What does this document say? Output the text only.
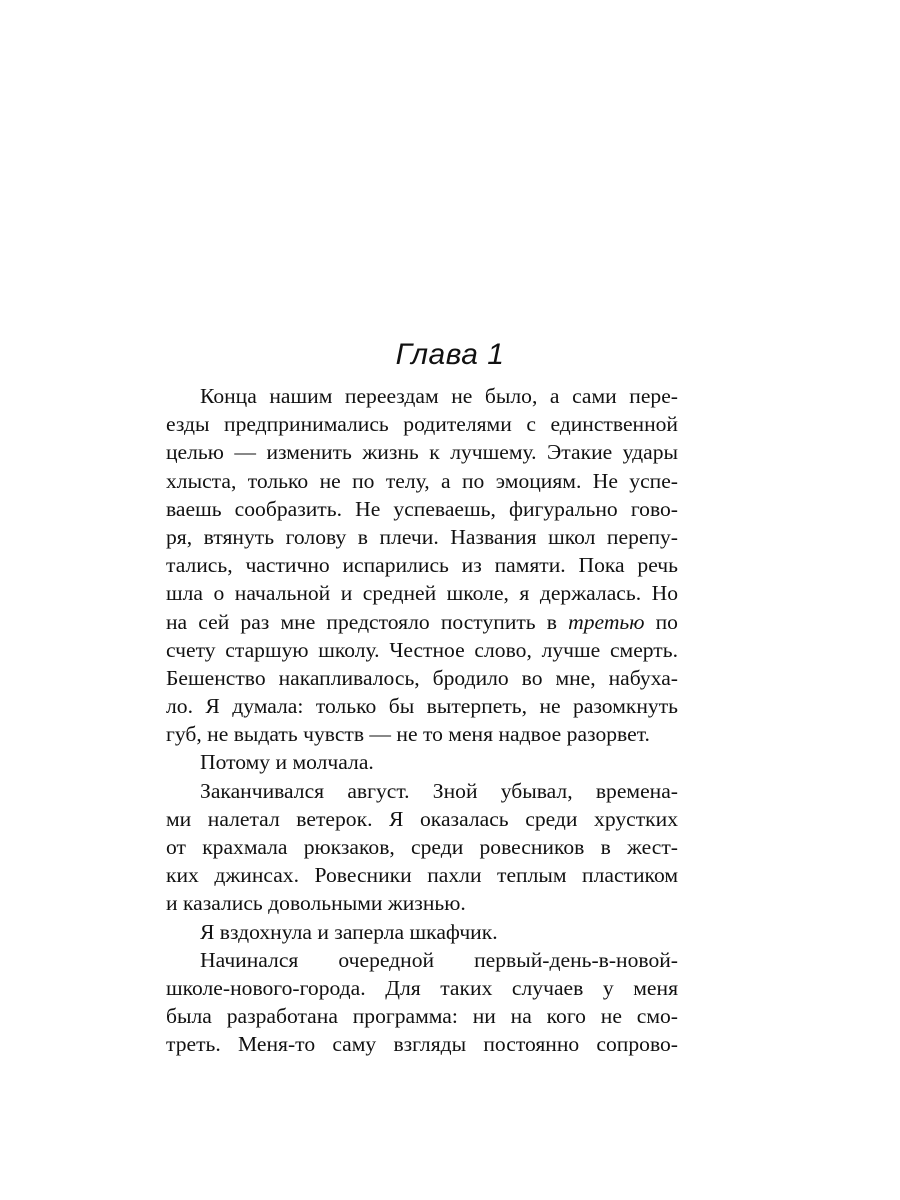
Глава 1
Конца нашим переездам не было, а сами пере-
езды предпринимались родителями с единственной
целью — изменить жизнь к лучшему. Этакие удары
хлыста, только не по телу, а по эмоциям. Не успе-
ваешь сообразить. Не успеваешь, фигурально гово-
ря, втянуть голову в плечи. Названия школ перепу-
тались, частично испарились из памяти. Пока речь
шла о начальной и средней школе, я держалась. Но
на сей раз мне предстояло поступить в третью по
счету старшую школу. Честное слово, лучше смерть.
Бешенство накапливалось, бродило во мне, набуха-
ло. Я думала: только бы вытерпеть, не разомкнуть
губ, не выдать чувств — не то меня надвое разорвет.
Потому и молчала.
Заканчивался август. Зной убывал, времена-
ми налетал ветерок. Я оказалась среди хрустких
от крахмала рюкзаков, среди ровесников в жест-
ких джинсах. Ровесники пахли теплым пластиком
и казались довольными жизнью.
Я вздохнула и заперла шкафчик.
Начинался очередной первый-день-в-новой-
школе-нового-города. Для таких случаев у меня
была разработана программа: ни на кого не смо-
треть. Меня-то саму взгляды постоянно сопрово-
